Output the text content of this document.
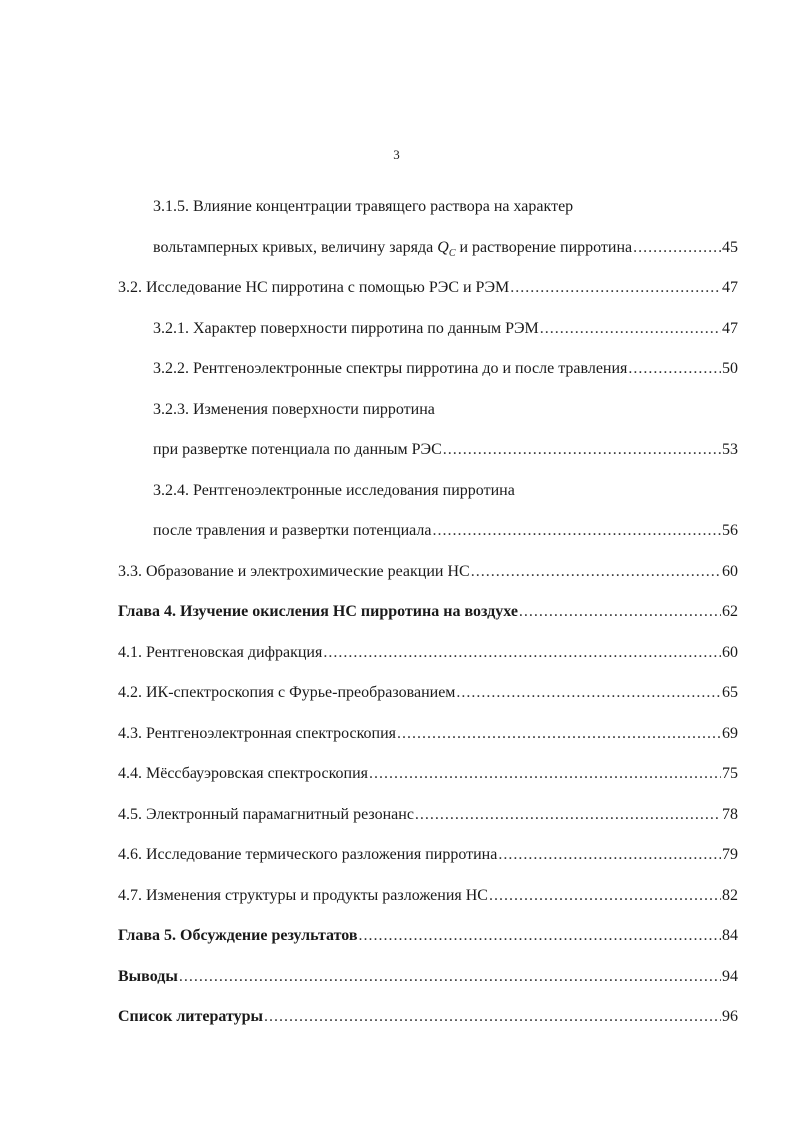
3
3.1.5. Влияние концентрации травящего раствора на характер
вольтамперных кривых, величину заряда $Q_C$ и растворение пирротина .....	45
3.2. Исследование НС пирротина с помощью РЭС и РЭМ .....	47
3.2.1. Характер поверхности пирротина по данным РЭМ .....	47
3.2.2. Рентгеноэлектронные спектры пирротина до и после травления .....	50
3.2.3. Изменения поверхности пирротина
при развертке потенциала по данным РЭС .....	53
3.2.4. Рентгеноэлектронные исследования пирротина
после травления и развертки потенциала .....	56
3.3. Образование и электрохимические реакции НС .....	60
Глава 4. Изучение окисления НС пирротина на воздухе .....	62
4.1. Рентгеновская дифракция .....	60
4.2. ИК-спектроскопия с Фурье-преобразованием .....	65
4.3. Рентгеноэлектронная спектроскопия .....	69
4.4. Мёссбауэровская спектроскопия .....	75
4.5. Электронный парамагнитный резонанс .....	78
4.6. Исследование термического разложения пирротина .....	79
4.7. Изменения структуры и продукты разложения НС .....	82
Глава 5. Обсуждение результатов .....	84
Выводы .....	94
Список литературы .....	96
